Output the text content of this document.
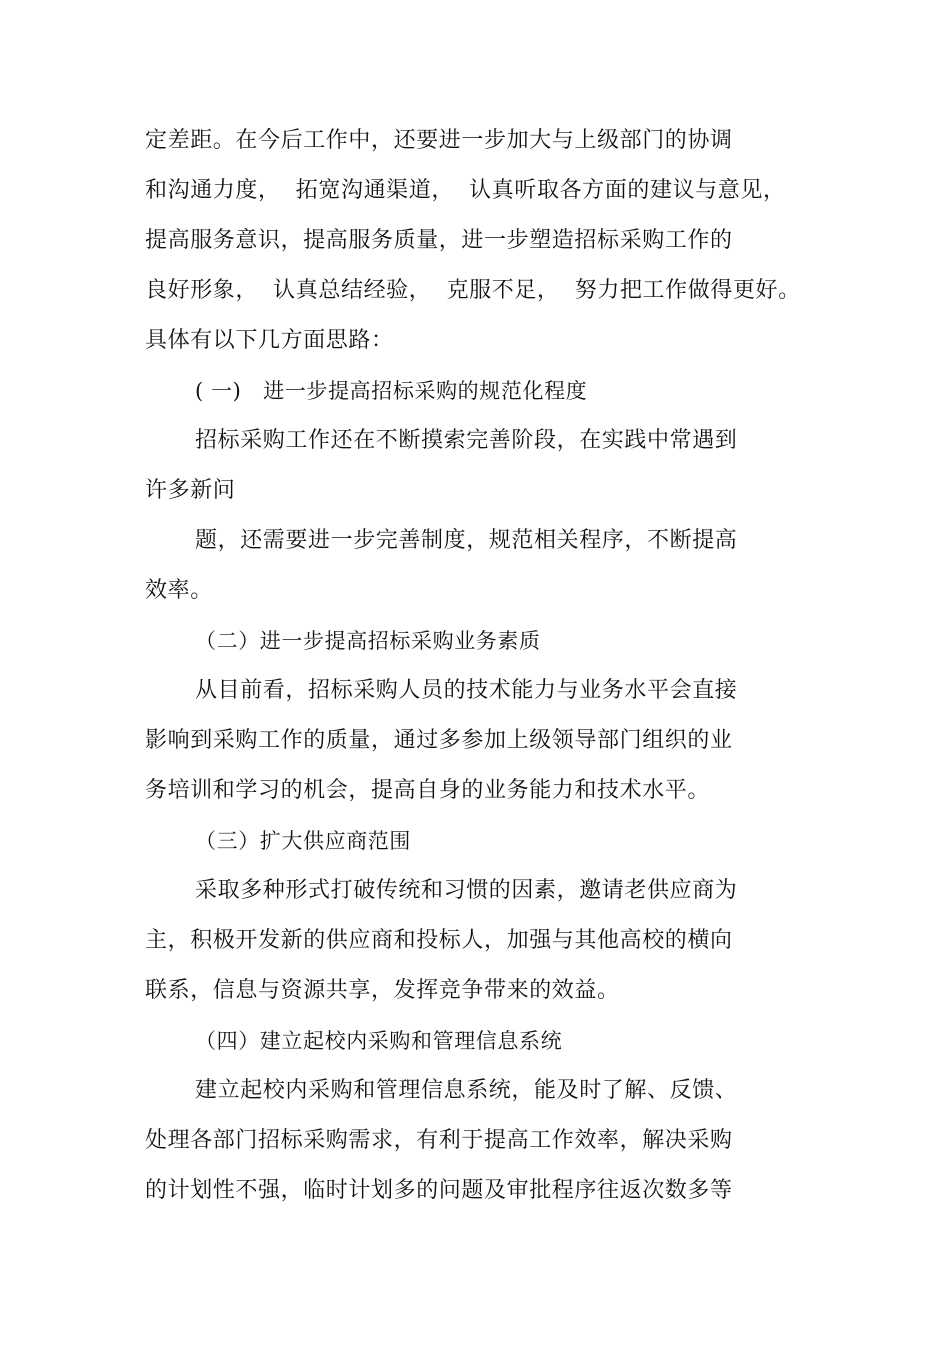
定差距。在今后工作中，还要进一步加大与上级部门的协调
和沟通力度，  拓宽沟通渠道，  认真听取各方面的建议与意见，
提高服务意识，提高服务质量，进一步塑造招标采购工作的
良好形象，  认真总结经验，  克服不足，  努力把工作做得更好。
具体有以下几方面思路：
( 一)   进一步提高招标采购的规范化程度
招标采购工作还在不断摸索完善阶段，在实践中常遇到
许多新问
题，还需要进一步完善制度，规范相关程序，不断提高
效率。
（二）进一步提高招标采购业务素质
从目前看，招标采购人员的技术能力与业务水平会直接
影响到采购工作的质量，通过多参加上级领导部门组织的业
务培训和学习的机会，提高自身的业务能力和技术水平。
（三）扩大供应商范围
采取多种形式打破传统和习惯的因素，邀请老供应商为
主，积极开发新的供应商和投标人，加强与其他高校的横向
联系，信息与资源共享，发挥竞争带来的效益。
（四）建立起校内采购和管理信息系统
建立起校内采购和管理信息系统，能及时了解、反馈、
处理各部门招标采购需求，有利于提高工作效率，解决采购
的计划性不强，临时计划多的问题及审批程序往返次数多等
